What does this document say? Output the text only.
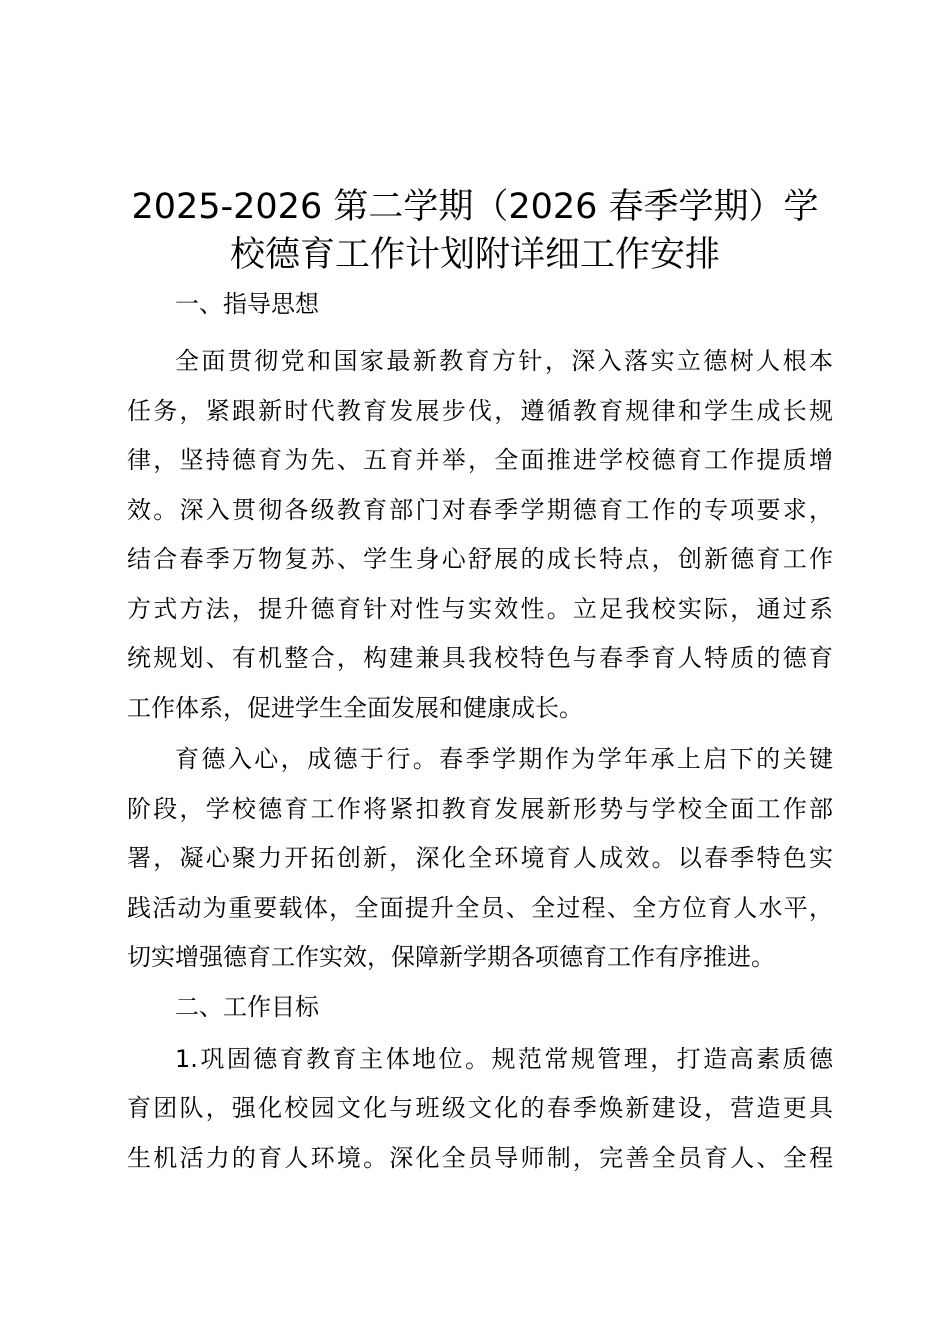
2025-2026 第二学期（2026 春季学期）学
校德育工作计划附详细工作安排

一、指导思想

全面贯彻党和国家最新教育方针，深入落实立德树人根本
任务，紧跟新时代教育发展步伐，遵循教育规律和学生成长规
律，坚持德育为先、五育并举，全面推进学校德育工作提质增
效。深入贯彻各级教育部门对春季学期德育工作的专项要求，
结合春季万物复苏、学生身心舒展的成长特点，创新德育工作
方式方法，提升德育针对性与实效性。立足我校实际，通过系
统规划、有机整合，构建兼具我校特色与春季育人特质的德育
工作体系，促进学生全面发展和健康成长。

育德入心，成德于行。春季学期作为学年承上启下的关键
阶段，学校德育工作将紧扣教育发展新形势与学校全面工作部
署，凝心聚力开拓创新，深化全环境育人成效。以春季特色实
践活动为重要载体，全面提升全员、全过程、全方位育人水平，
切实增强德育工作实效，保障新学期各项德育工作有序推进。

二、工作目标

1.巩固德育教育主体地位。规范常规管理，打造高素质德
育团队，强化校园文化与班级文化的春季焕新建设，营造更具
生机活力的育人环境。深化全员导师制，完善全员育人、全程
